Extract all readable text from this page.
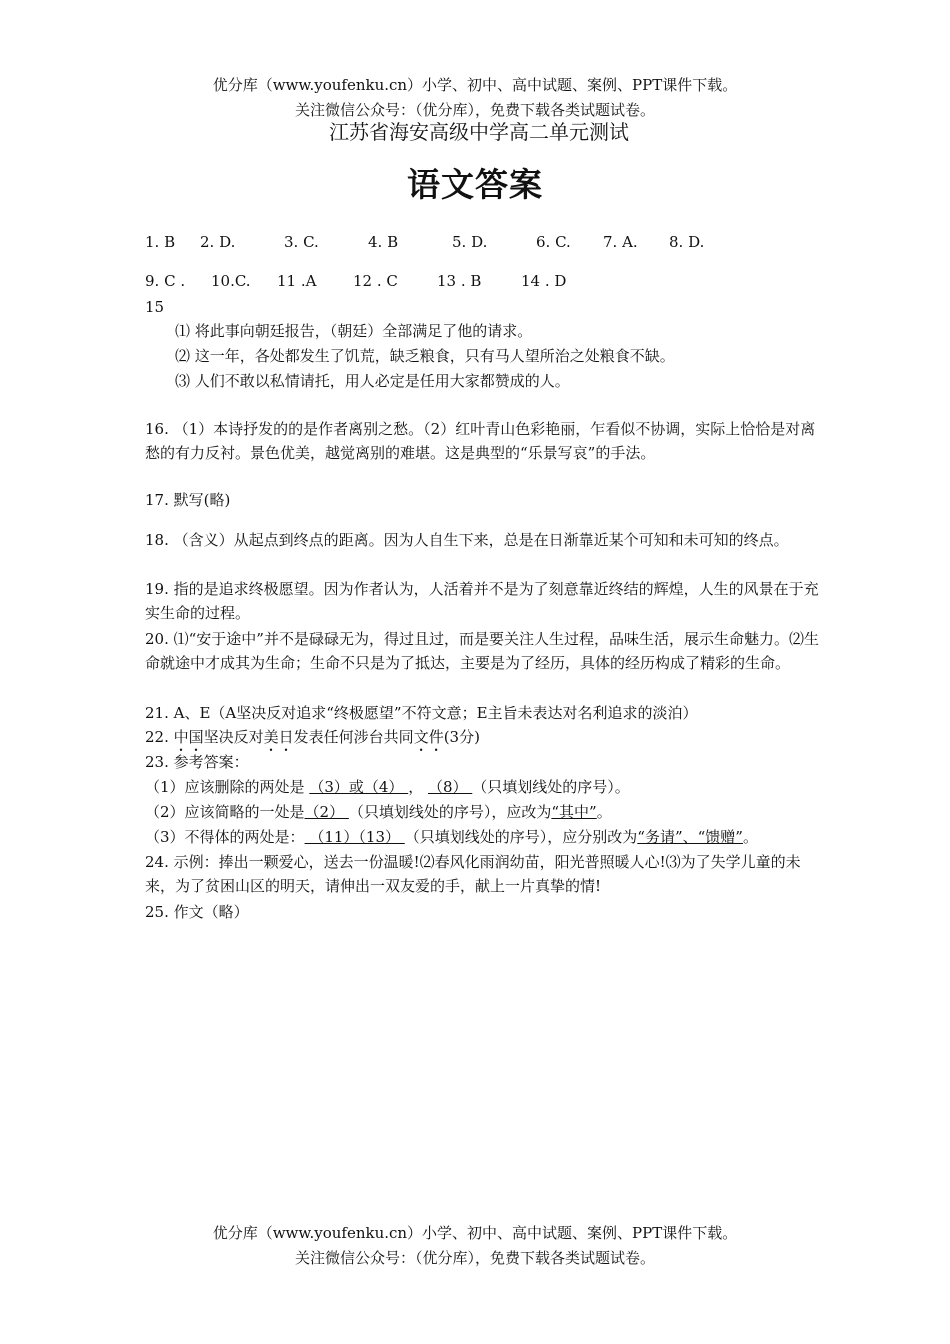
优分库（www.youfenku.cn）小学、初中、高中试题、案例、PPT课件下载。
关注微信公众号：（优分库），免费下载各类试题试卷。
江苏省海安高级中学高二单元测试
语文答案
1. B 2. D.	3. C.	4. B	5. D.	6. C. 7. A. 8. D.
9. C . 10.C. 11 .A 12 . C	13 . B	14 . D
15
⑴ 将此事向朝廷报告，（朝廷）全部满足了他的请求。
⑵ 这一年，各处都发生了饥荒，缺乏粮食，只有马人望所治之处粮食不缺。
⑶ 人们不敢以私情请托，用人必定是任用大家都赞成的人。
16. （1）本诗抒发的的是作者离别之愁。（2）红叶青山色彩艳丽，乍看似不协调，实际上恰恰是对离愁的有力反衬。景色优美，越觉离别的难堪。这是典型的“乐景写哀”的手法。
17. 默写(略)
18. （含义）从起点到终点的距离。因为人自生下来，总是在日渐靠近某个可知和未可知的终点。
19. 指的是追求终极愿望。因为作者认为，人活着并不是为了刻意靠近终结的辉煌，人生的风景在于充实生命的过程。
20. ⑴“安于途中”并不是碌碌无为，得过且过，而是要关注人生过程，品味生活，展示生命魅力。⑵生命就途中才成其为生命；生命不只是为了抵达，主要是为了经历，具体的经历构成了精彩的生命。
21. A、E（A坚决反对追求“终极愿望”不符文意；E主旨未表达对名利追求的淡泊）
22. 中国坚决反对美日发表任何涉台共同文件(3分)
23. 参考答案：
（1）应该删除的两处是 （3）或（4） ， （8） （只填划线处的序号）。
（2）应该简略的一处是（2） （只填划线处的序号），应改为“其中”。
（3）不得体的两处是： （11）（13） （只填划线处的序号），应分别改为“务请”、“馈赠”。
24. 示例：捧出一颗爱心，送去一份温暖!⑵春风化雨润幼苗，阳光普照暖人心!⑶为了失学儿童的未来，为了贫困山区的明天，请伸出一双友爱的手，献上一片真挚的情!
25. 作文（略）
优分库（www.youfenku.cn）小学、初中、高中试题、案例、PPT课件下载。
关注微信公众号：（优分库），免费下载各类试题试卷。
